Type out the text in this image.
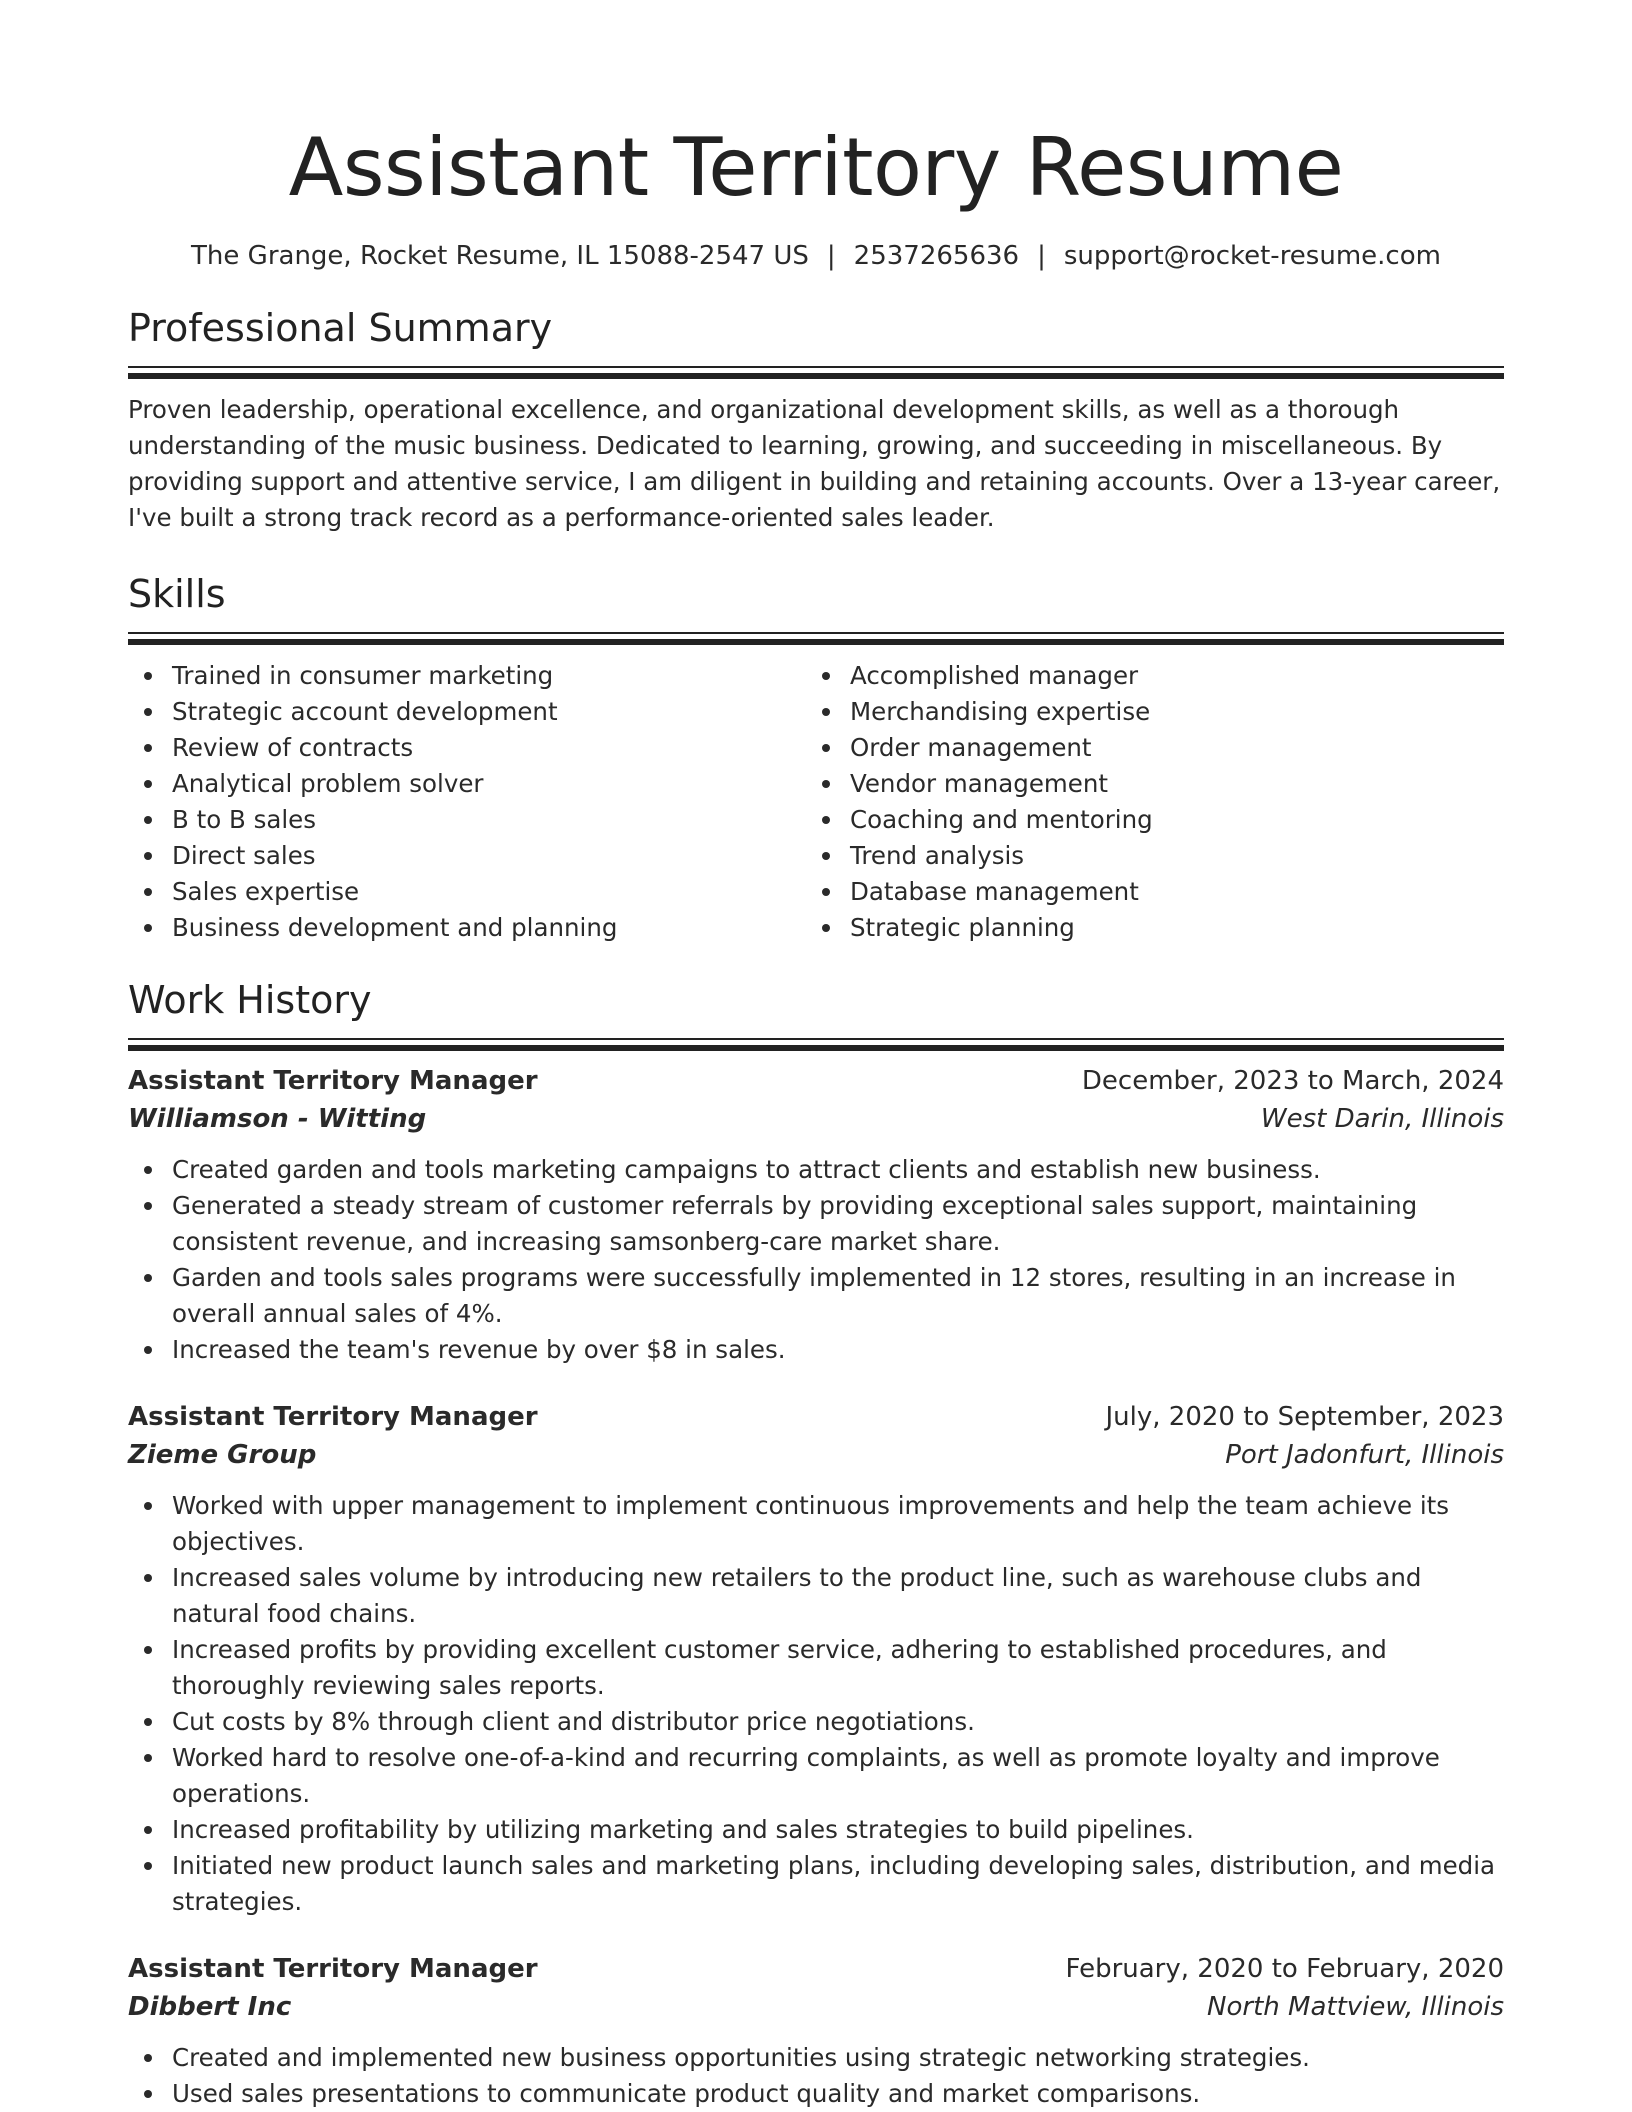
Assistant Territory Resume
The Grange, Rocket Resume, IL 15088-2547 US | 2537265636 | support@rocket-resume.com
Professional Summary

Proven leadership, operational excellence, and organizational development skills, as well as a thorough understanding of the music business. Dedicated to learning, growing, and succeeding in miscellaneous. By providing support and attentive service, I am diligent in building and retaining accounts. Over a 13-year career, I've built a strong track record as a performance-oriented sales leader.

Skills
Trained in consumer marketing
Strategic account development
Review of contracts
Analytical problem solver
B to B sales
Direct sales
Sales expertise
Business development and planning
Accomplished manager
Merchandising expertise
Order management
Vendor management
Coaching and mentoring
Trend analysis
Database management
Strategic planning
Work History
Assistant Territory Manager	December, 2023 to March, 2024
Williamson - Witting	West Darin, Illinois
Created garden and tools marketing campaigns to attract clients and establish new business.
Generated a steady stream of customer referrals by providing exceptional sales support, maintaining consistent revenue, and increasing samsonberg-care market share.
Garden and tools sales programs were successfully implemented in 12 stores, resulting in an increase in overall annual sales of 4%.
Increased the team's revenue by over $8 in sales.
Assistant Territory Manager	July, 2020 to September, 2023
Zieme Group	Port Jadonfurt, Illinois
Worked with upper management to implement continuous improvements and help the team achieve its objectives.
Increased sales volume by introducing new retailers to the product line, such as warehouse clubs and natural food chains.
Increased profits by providing excellent customer service, adhering to established procedures, and thoroughly reviewing sales reports.
Cut costs by 8% through client and distributor price negotiations.
Worked hard to resolve one-of-a-kind and recurring complaints, as well as promote loyalty and improve operations.
Increased profitability by utilizing marketing and sales strategies to build pipelines.
Initiated new product launch sales and marketing plans, including developing sales, distribution, and media strategies.
Assistant Territory Manager	February, 2020 to February, 2020
Dibbert Inc	North Mattview, Illinois
Created and implemented new business opportunities using strategic networking strategies.
Used sales presentations to communicate product quality and market comparisons.
